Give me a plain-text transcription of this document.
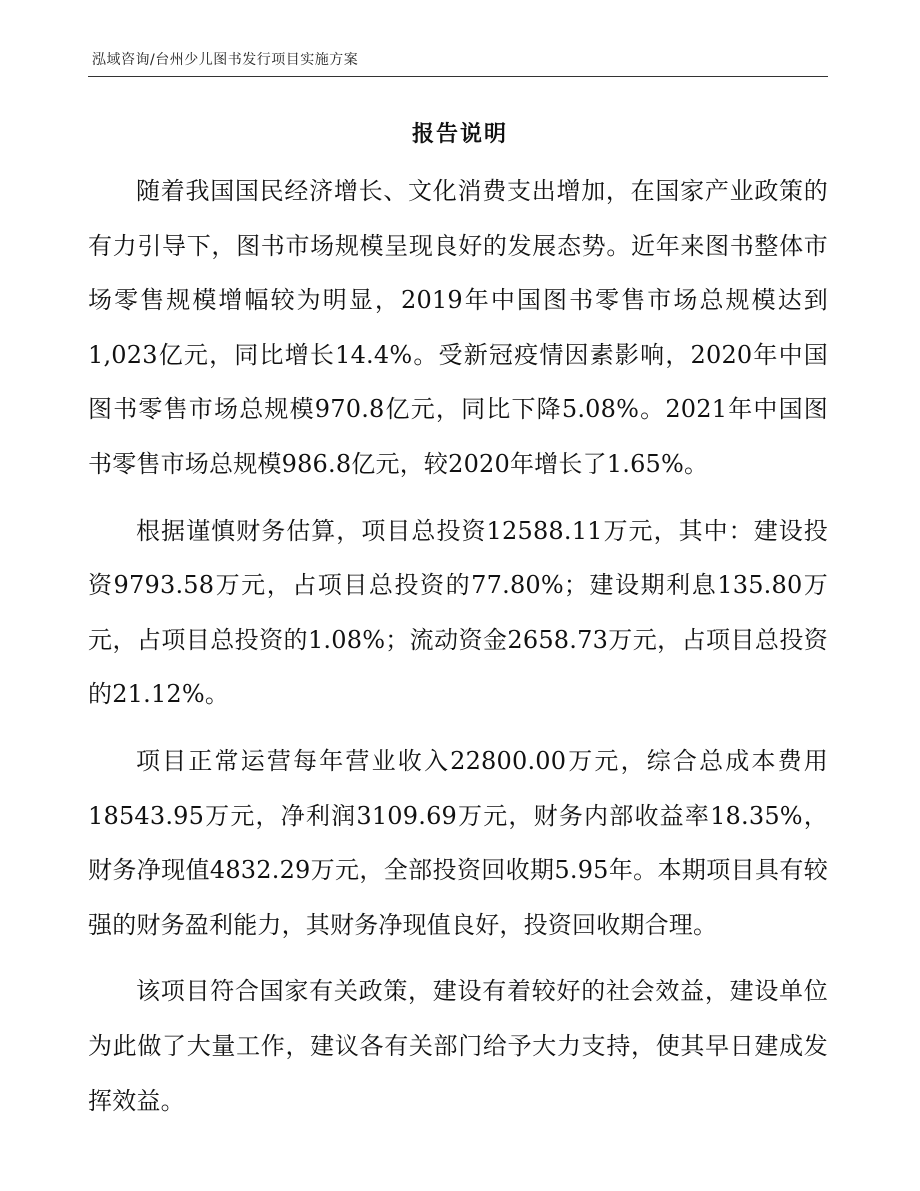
泓域咨询/台州少儿图书发行项目实施方案
报告说明

随着我国国民经济增长、文化消费支出增加，在国家产业政策的有力引导下，图书市场规模呈现良好的发展态势。近年来图书整体市场零售规模增幅较为明显，2019年中国图书零售市场总规模达到1,023亿元，同比增长14.4%。受新冠疫情因素影响，2020年中国图书零售市场总规模970.8亿元，同比下降5.08%。2021年中国图书零售市场总规模986.8亿元，较2020年增长了1.65%。

根据谨慎财务估算，项目总投资12588.11万元，其中：建设投资9793.58万元，占项目总投资的77.80%；建设期利息135.80万元，占项目总投资的1.08%；流动资金2658.73万元，占项目总投资的21.12%。

项目正常运营每年营业收入22800.00万元，综合总成本费用18543.95万元，净利润3109.69万元，财务内部收益率18.35%，财务净现值4832.29万元，全部投资回收期5.95年。本期项目具有较强的财务盈利能力，其财务净现值良好，投资回收期合理。

该项目符合国家有关政策，建设有着较好的社会效益，建设单位为此做了大量工作，建议各有关部门给予大力支持，使其早日建成发挥效益。
